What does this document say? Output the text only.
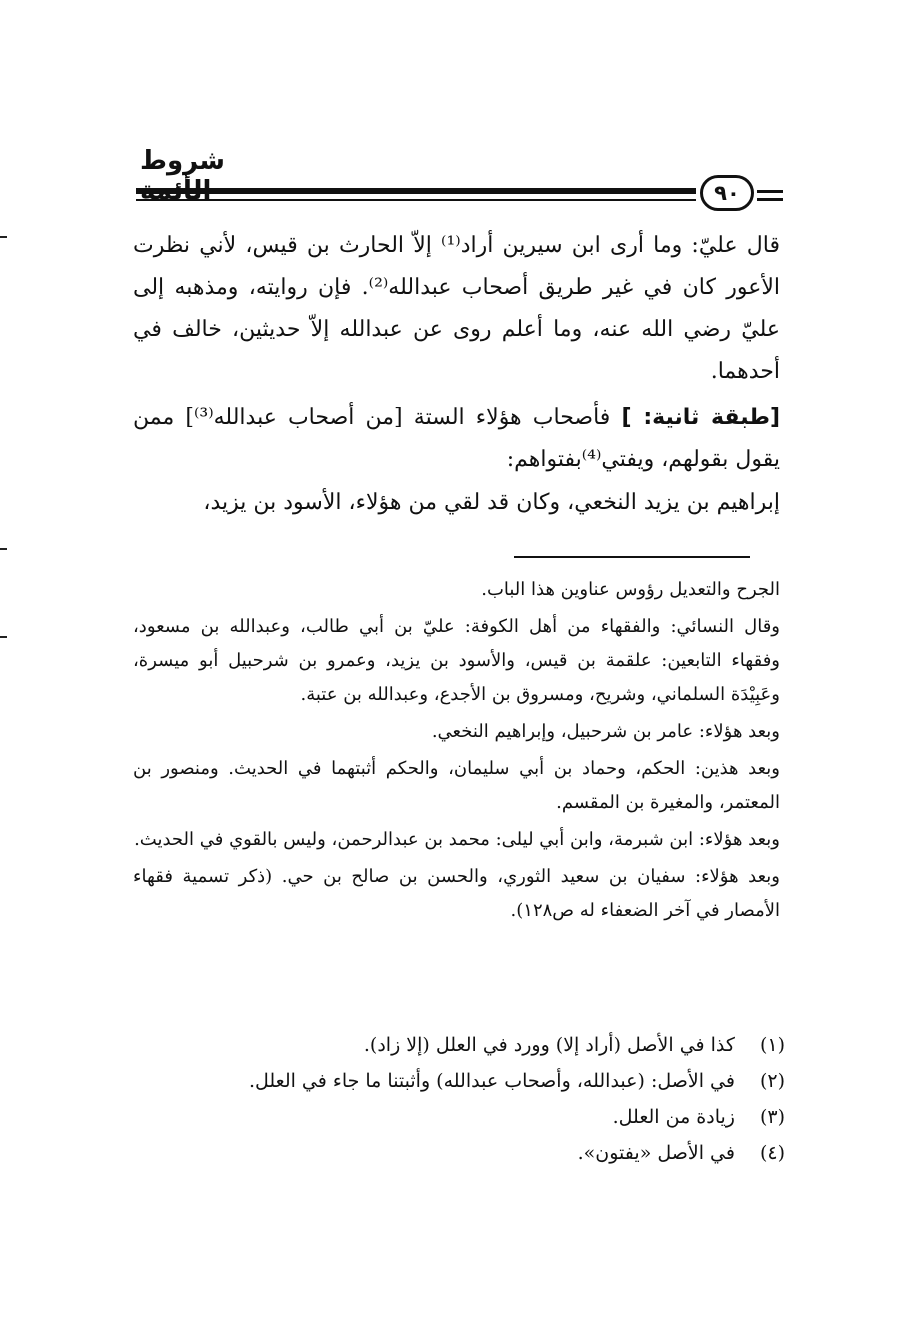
شروط
٩٠

قال عليّ: وما أرى ابن سيرين أراد⁽¹⁾ إلاّ الحارث بن قيس، لأني نظرت الأعور كان في غير طريق أصحاب عبدالله⁽²⁾. فإن روايته، ومذهبه إلى عليّ رضي الله عنه، وما أعلم روى عن عبدالله إلاّ حديثين، خالف في أحدهما.

[طبقة ثانية: ] فأصحاب هؤلاء الستة [من أصحاب عبدالله⁽³⁾] ممن يقول بقولهم، ويفتي⁽⁴⁾بفتواهم:

إبراهيم بن يزيد النخعي، وكان قد لقي من هؤلاء، الأسود بن يزيد،

الجرح والتعديل رؤوس عناوين هذا الباب.

وقال النسائي: والفقهاء من أهل الكوفة: عليّ بن أبي طالب، وعبدالله بن مسعود، وفقهاء التابعين: علقمة بن قيس، والأسود بن يزيد، وعمرو بن شرحبيل أبو ميسرة، وعَبِيْدَة السلماني، وشريح، ومسروق بن الأجدع، وعبدالله بن عتبة.

وبعد هؤلاء: عامر بن شرحبيل، وإبراهيم النخعي.

وبعد هذين: الحكم، وحماد بن أبي سليمان، والحكم أثبتهما في الحديث. ومنصور بن المعتمر، والمغيرة بن المقسم.

وبعد هؤلاء: ابن شبرمة، وابن أبي ليلى: محمد بن عبدالرحمن، وليس بالقوي في الحديث.

وبعد هؤلاء: سفيان بن سعيد الثوري، والحسن بن صالح بن حي. (ذكر تسمية فقهاء الأمصار في آخر الضعفاء له ص١٢٨).

(١) كذا في الأصل (أراد إلا) وورد في العلل (إلا زاد).
(٢) في الأصل: (عبدالله، وأصحاب عبدالله) وأثبتنا ما جاء في العلل.
(٣) زيادة من العلل.
(٤) في الأصل «يفتون».
